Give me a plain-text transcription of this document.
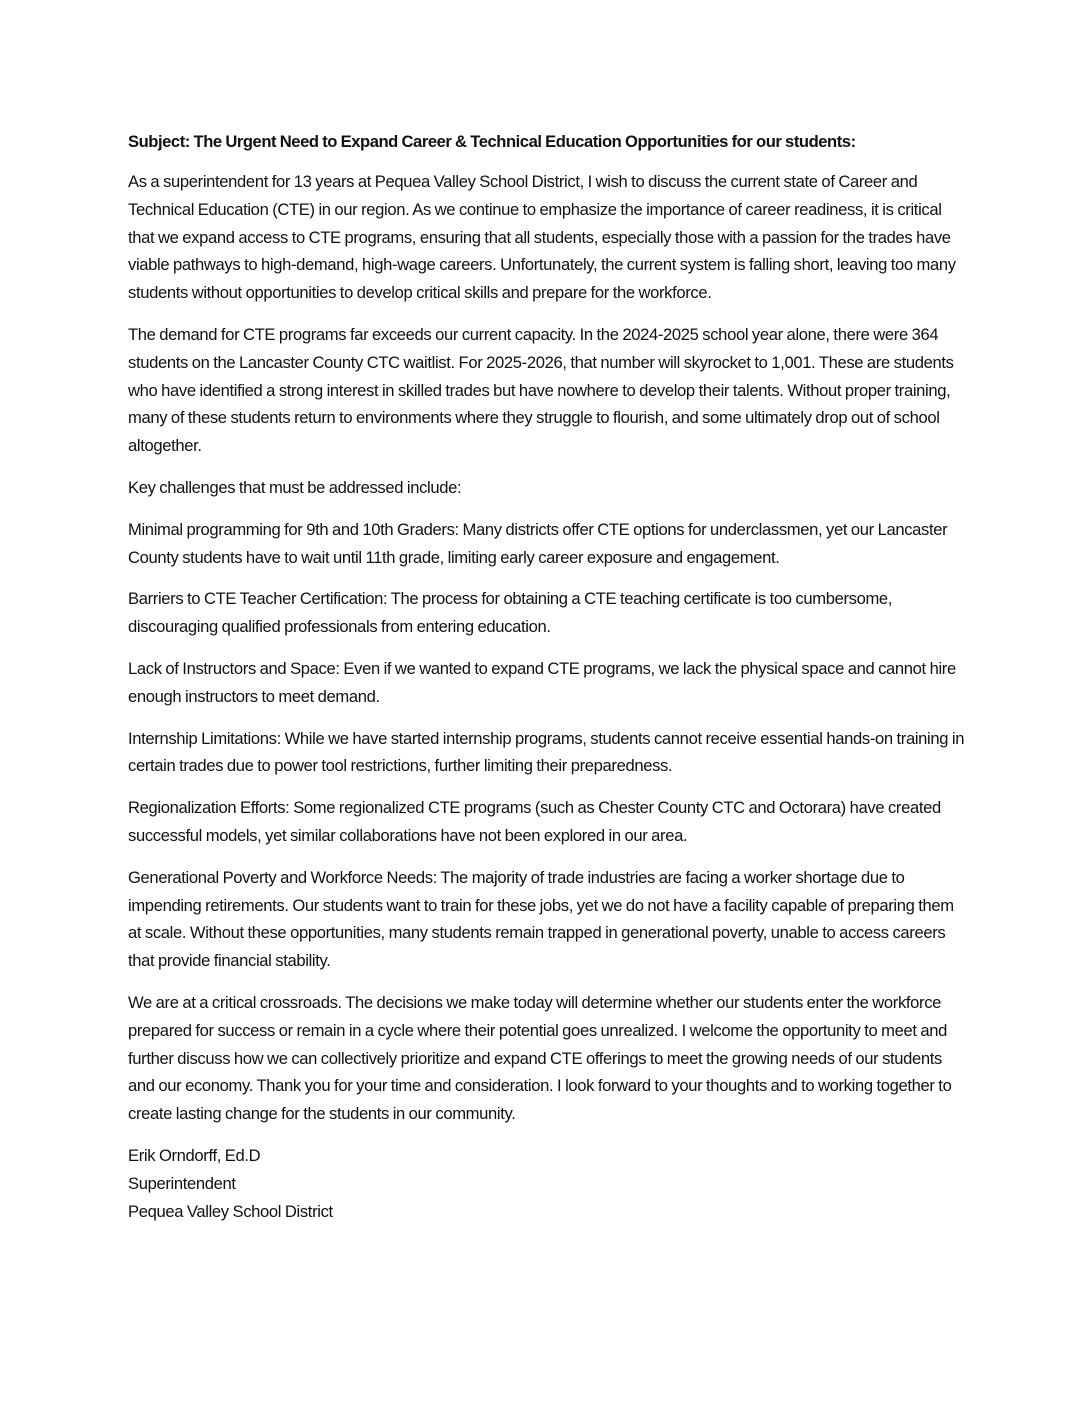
Subject: The Urgent Need to Expand Career & Technical Education Opportunities for our students:

As a superintendent for 13 years at Pequea Valley School District, I wish to discuss the current state of Career and Technical Education (CTE) in our region. As we continue to emphasize the importance of career readiness, it is critical that we expand access to CTE programs, ensuring that all students, especially those with a passion for the trades have viable pathways to high-demand, high-wage careers. Unfortunately, the current system is falling short, leaving too many students without opportunities to develop critical skills and prepare for the workforce.

The demand for CTE programs far exceeds our current capacity. In the 2024-2025 school year alone, there were 364 students on the Lancaster County CTC waitlist. For 2025-2026, that number will skyrocket to 1,001. These are students who have identified a strong interest in skilled trades but have nowhere to develop their talents. Without proper training, many of these students return to environments where they struggle to flourish, and some ultimately drop out of school altogether.

Key challenges that must be addressed include:

Minimal programming for 9th and 10th Graders: Many districts offer CTE options for underclassmen, yet our Lancaster County students have to wait until 11th grade, limiting early career exposure and engagement.

Barriers to CTE Teacher Certification: The process for obtaining a CTE teaching certificate is too cumbersome, discouraging qualified professionals from entering education.

Lack of Instructors and Space: Even if we wanted to expand CTE programs, we lack the physical space and cannot hire enough instructors to meet demand.

Internship Limitations: While we have started internship programs, students cannot receive essential hands-on training in certain trades due to power tool restrictions, further limiting their preparedness.

Regionalization Efforts: Some regionalized CTE programs (such as Chester County CTC and Octorara) have created successful models, yet similar collaborations have not been explored in our area.

Generational Poverty and Workforce Needs: The majority of trade industries are facing a worker shortage due to impending retirements. Our students want to train for these jobs, yet we do not have a facility capable of preparing them at scale. Without these opportunities, many students remain trapped in generational poverty, unable to access careers that provide financial stability.

We are at a critical crossroads. The decisions we make today will determine whether our students enter the workforce prepared for success or remain in a cycle where their potential goes unrealized. I welcome the opportunity to meet and further discuss how we can collectively prioritize and expand CTE offerings to meet the growing needs of our students and our economy. Thank you for your time and consideration. I look forward to your thoughts and to working together to create lasting change for the students in our community.

Erik Orndorff, Ed.D
Superintendent
Pequea Valley School District
